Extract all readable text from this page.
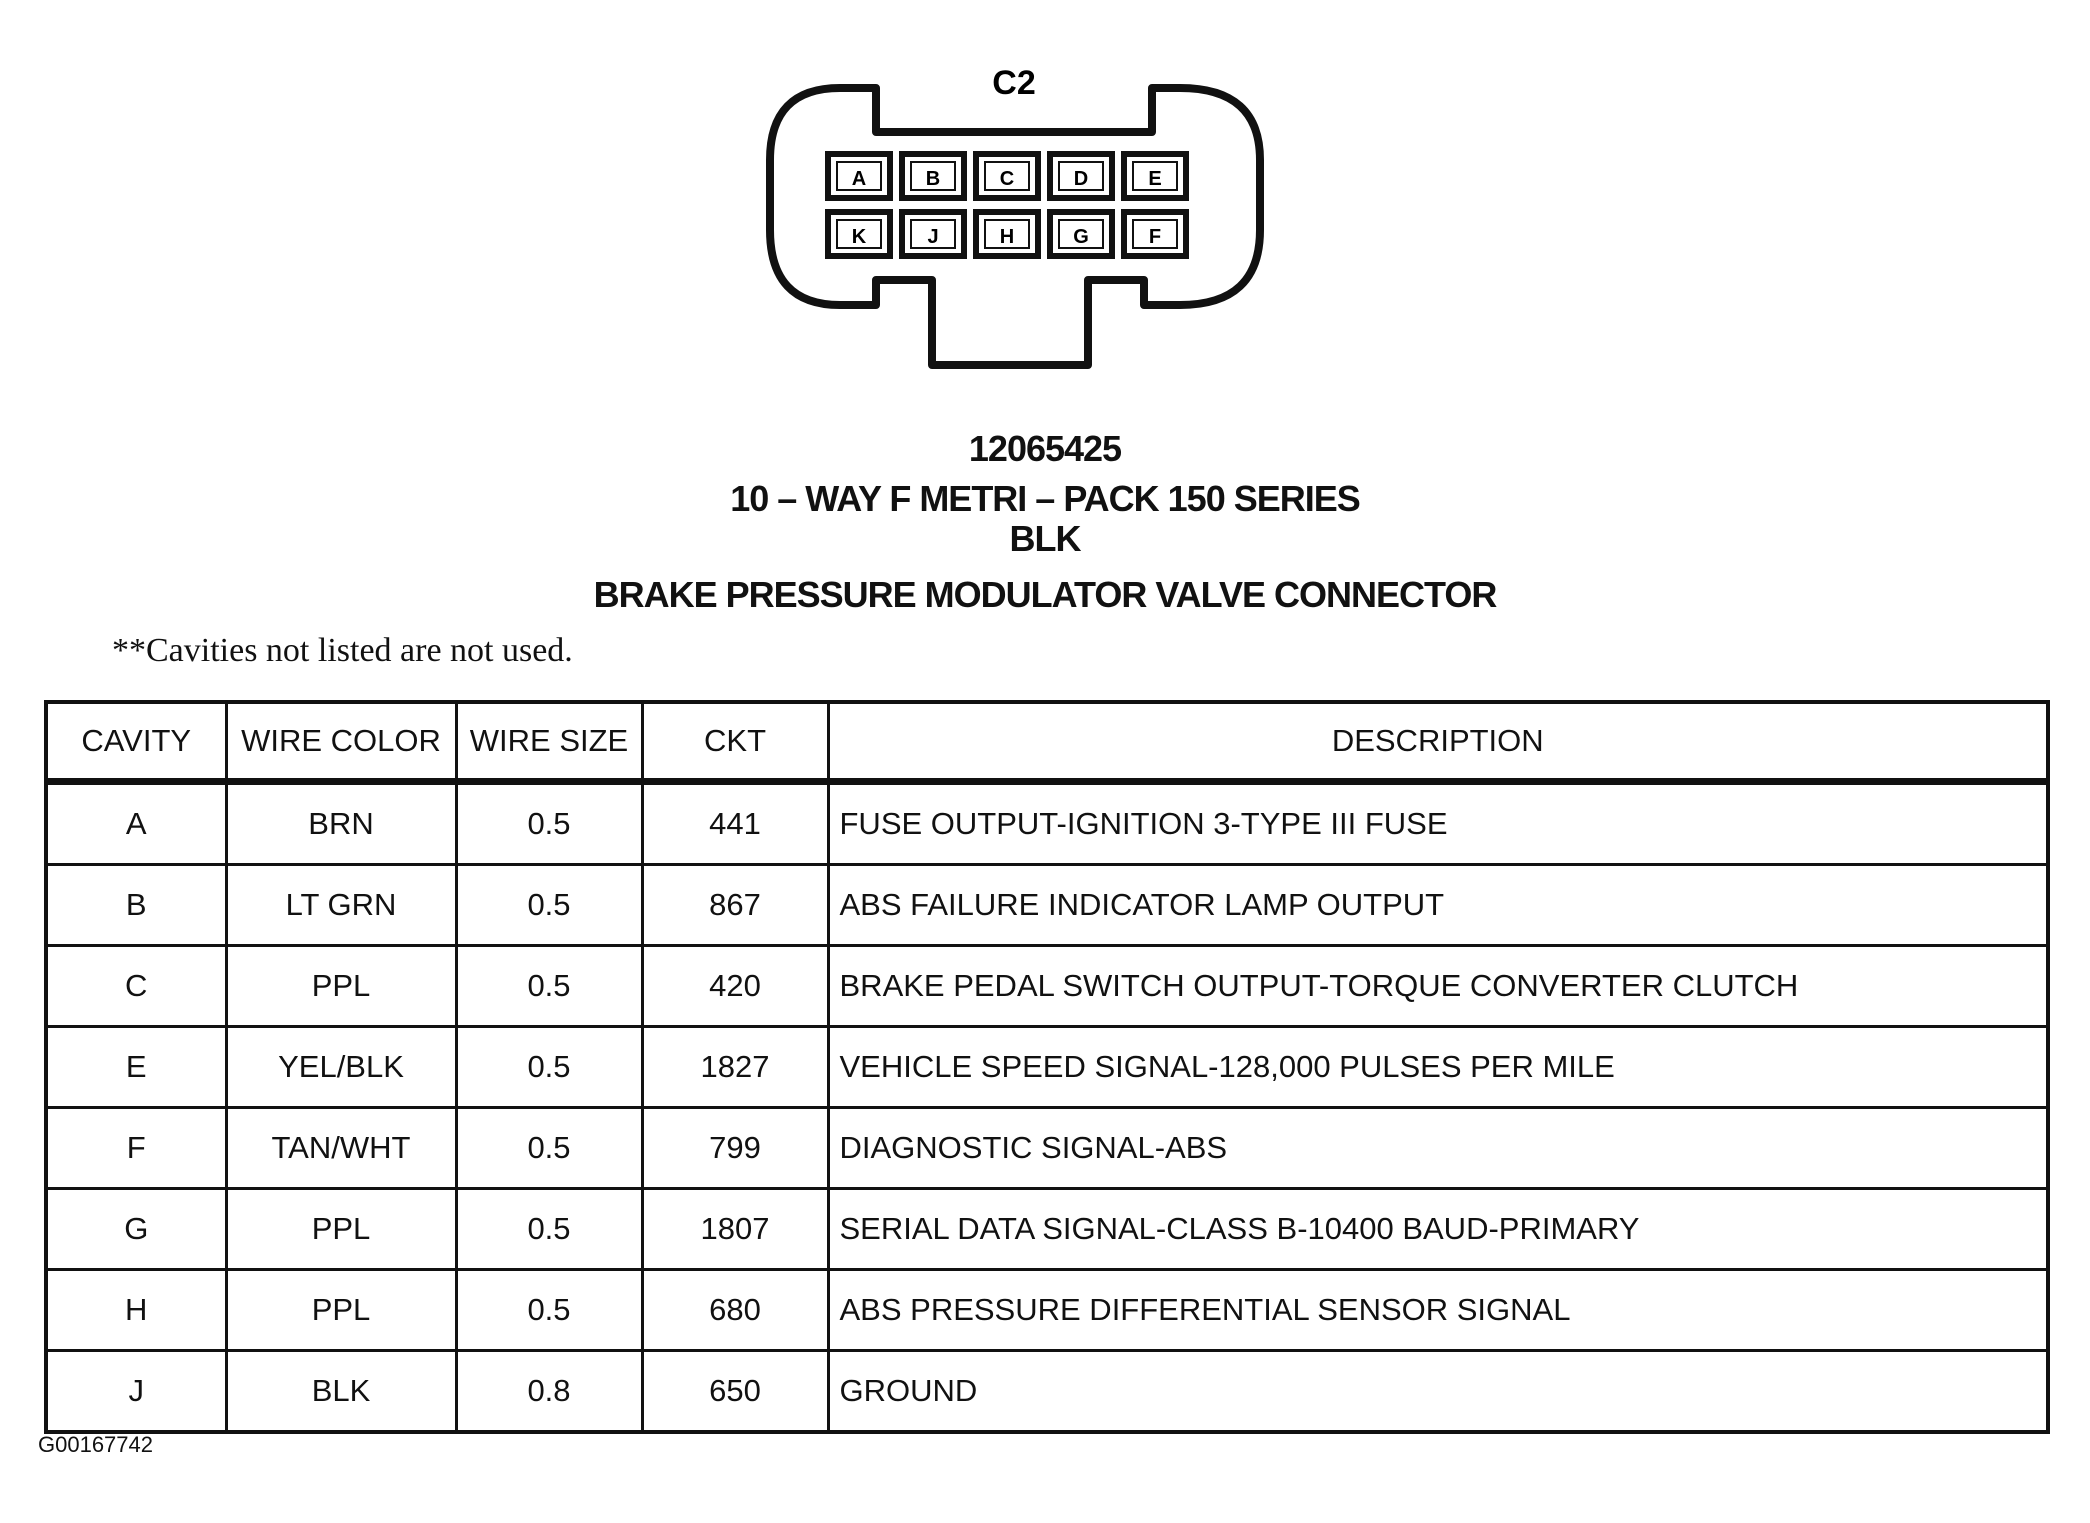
C2
A	B	C	D	E
K	J	H	G	F
12065425
10 – WAY F METRI – PACK 150 SERIES
BLK
BRAKE PRESSURE MODULATOR VALVE CONNECTOR
**Cavities not listed are not used.
CAVITY	WIRE COLOR	WIRE SIZE	CKT	DESCRIPTION
A	BRN	0.5	441	FUSE OUTPUT-IGNITION 3-TYPE III FUSE
B	LT GRN	0.5	867	ABS FAILURE INDICATOR LAMP OUTPUT
C	PPL	0.5	420	BRAKE PEDAL SWITCH OUTPUT-TORQUE CONVERTER CLUTCH
E	YEL/BLK	0.5	1827	VEHICLE SPEED SIGNAL-128,000 PULSES PER MILE
F	TAN/WHT	0.5	799	DIAGNOSTIC SIGNAL-ABS
G	PPL	0.5	1807	SERIAL DATA SIGNAL-CLASS B-10400 BAUD-PRIMARY
H	PPL	0.5	680	ABS PRESSURE DIFFERENTIAL SENSOR SIGNAL
J	BLK	0.8	650	GROUND
G00167742
